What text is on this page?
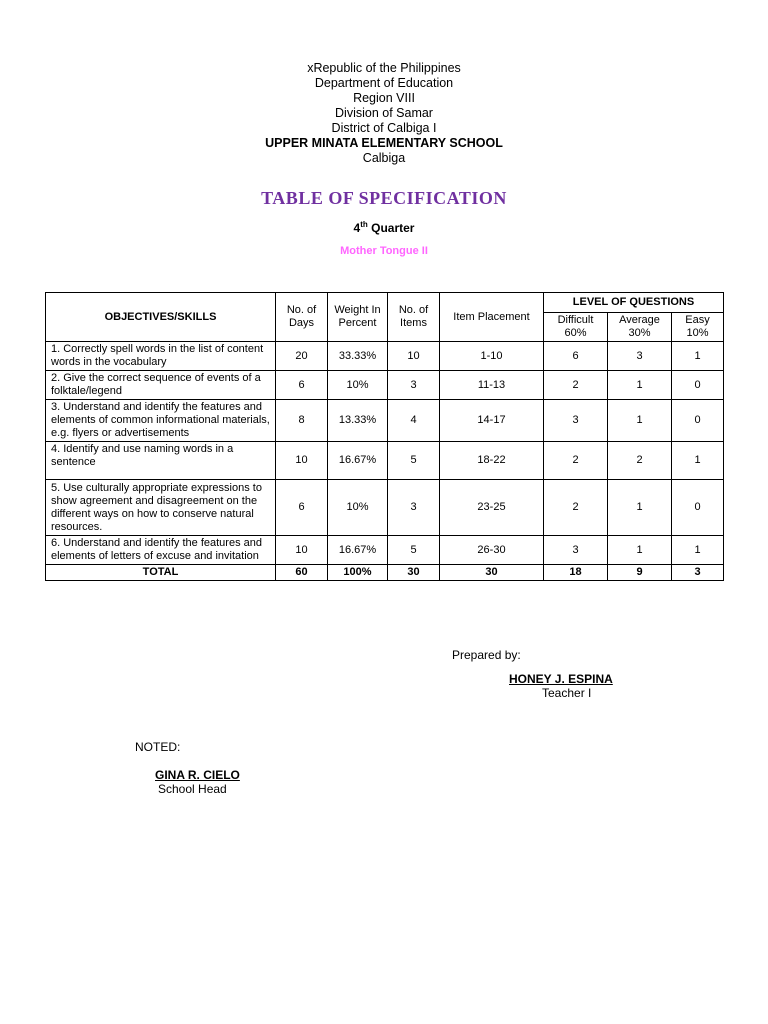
xRepublic of the Philippines
Department of Education
Region VIII
Division of Samar
District of Calbiga I
UPPER MINATA ELEMENTARY SCHOOL
Calbiga
TABLE OF SPECIFICATION
4th Quarter
Mother Tongue II
OBJECTIVES/SKILLS	No. of Days	Weight In Percent	No. of Items	Item Placement	LEVEL OF QUESTIONS		
					Difficult 60%	Average 30%	Easy 10%
1. Correctly spell words in the list of content words in the vocabulary	20	33.33%	10	1-10	6	3	1
2. Give the correct sequence of events of a folktale/legend	6	10%	3	11-13	2	1	0
3. Understand and identify the features and elements of common informational materials, e.g. flyers or advertisements	8	13.33%	4	14-17	3	1	0
4. Identify and use naming words in a sentence	10	16.67%	5	18-22	2	2	1
5. Use culturally appropriate expressions to show agreement and disagreement on the different ways on how to conserve natural resources.	6	10%	3	23-25	2	1	0
6. Understand and identify the features and elements of letters of excuse and invitation	10	16.67%	5	26-30	3	1	1
TOTAL	60	100%	30	30	18	9	3
Prepared by:
HONEY J. ESPINA
Teacher I
NOTED:
GINA R. CIELO
School Head
